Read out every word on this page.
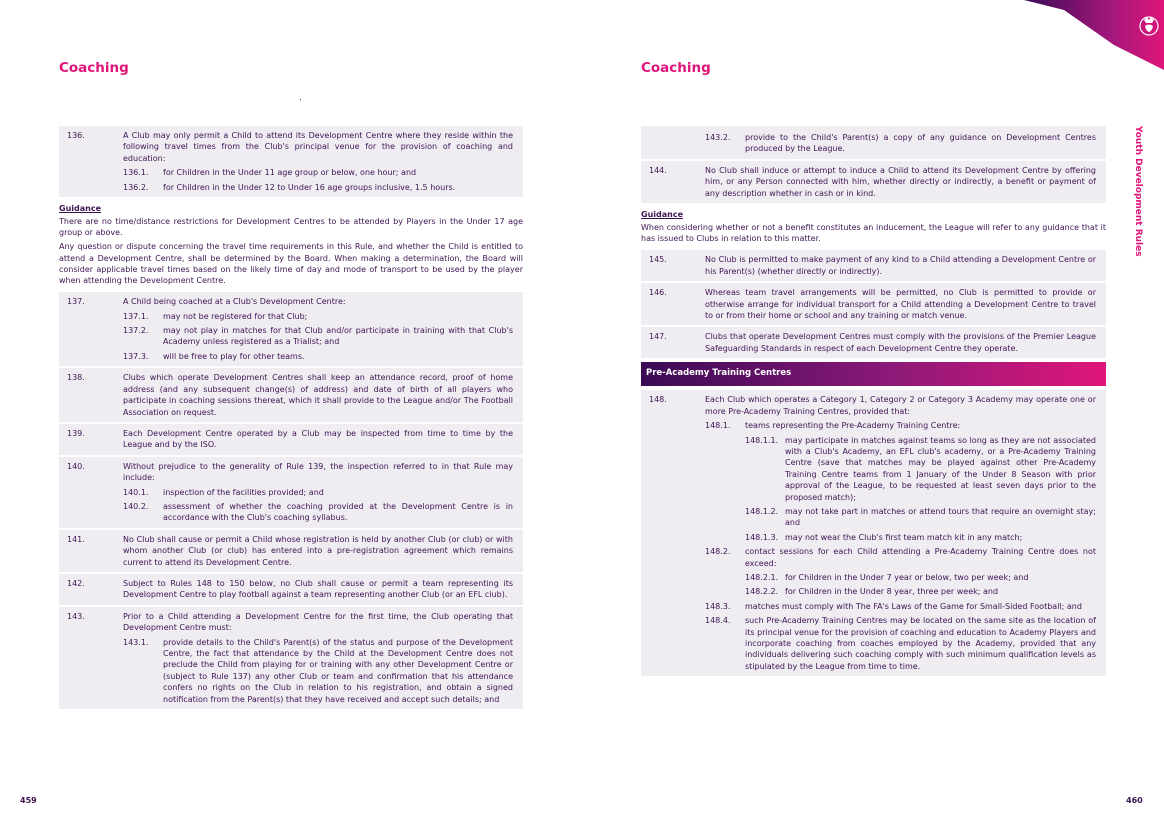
Coaching
136.	A Club may only permit a Child to attend its Development Centre where they reside within the following travel times from the Club's principal venue for the provision of coaching and education:
136.1.	for Children in the Under 11 age group or below, one hour; and
136.2.	for Children in the Under 12 to Under 16 age groups inclusive, 1.5 hours.
Guidance
There are no time/distance restrictions for Development Centres to be attended by Players in the Under 17 age group or above.
Any question or dispute concerning the travel time requirements in this Rule, and whether the Child is entitled to attend a Development Centre, shall be determined by the Board. When making a determination, the Board will consider applicable travel times based on the likely time of day and mode of transport to be used by the player when attending the Development Centre.
137.	A Child being coached at a Club's Development Centre:
137.1.	may not be registered for that Club;
137.2.	may not play in matches for that Club and/or participate in training with that Club's Academy unless registered as a Trialist; and
137.3.	will be free to play for other teams.
138.	Clubs which operate Development Centres shall keep an attendance record, proof of home address (and any subsequent change(s) of address) and date of birth of all players who participate in coaching sessions thereat, which it shall provide to the League and/or The Football Association on request.
139.	Each Development Centre operated by a Club may be inspected from time to time by the League and by the ISO.
140.	Without prejudice to the generality of Rule 139, the inspection referred to in that Rule may include:
140.1.	inspection of the facilities provided; and
140.2.	assessment of whether the coaching provided at the Development Centre is in accordance with the Club's coaching syllabus.
141.	No Club shall cause or permit a Child whose registration is held by another Club (or club) or with whom another Club (or club) has entered into a pre-registration agreement which remains current to attend its Development Centre.
142.	Subject to Rules 148 to 150 below, no Club shall cause or permit a team representing its Development Centre to play football against a team representing another Club (or an EFL club).
143.	Prior to a Child attending a Development Centre for the first time, the Club operating that Development Centre must:
143.1.	provide details to the Child's Parent(s) of the status and purpose of the Development Centre, the fact that attendance by the Child at the Development Centre does not preclude the Child from playing for or training with any other Development Centre or (subject to Rule 137) any other Club or team and confirmation that his attendance confers no rights on the Club in relation to his registration, and obtain a signed notification from the Parent(s) that they have received and accept such details; and
459
Coaching
Youth Development Rules
143.2.	provide to the Child's Parent(s) a copy of any guidance on Development Centres produced by the League.
144.	No Club shall induce or attempt to induce a Child to attend its Development Centre by offering him, or any Person connected with him, whether directly or indirectly, a benefit or payment of any description whether in cash or in kind.
Guidance
When considering whether or not a benefit constitutes an inducement, the League will refer to any guidance that it has issued to Clubs in relation to this matter.
145.	No Club is permitted to make payment of any kind to a Child attending a Development Centre or his Parent(s) (whether directly or indirectly).
146.	Whereas team travel arrangements will be permitted, no Club is permitted to provide or otherwise arrange for individual transport for a Child attending a Development Centre to travel to or from their home or school and any training or match venue.
147.	Clubs that operate Development Centres must comply with the provisions of the Premier League Safeguarding Standards in respect of each Development Centre they operate.
Pre-Academy Training Centres
148.	Each Club which operates a Category 1, Category 2 or Category 3 Academy may operate one or more Pre-Academy Training Centres, provided that:
148.1.	teams representing the Pre-Academy Training Centre:
148.1.1. may participate in matches against teams so long as they are not associated with a Club's Academy, an EFL club's academy, or a Pre-Academy Training Centre (save that matches may be played against other Pre-Academy Training Centre teams from 1 January of the Under 8 Season with prior approval of the League, to be requested at least seven days prior to the proposed match);
148.1.2. may not take part in matches or attend tours that require an overnight stay; and
148.1.3. may not wear the Club's first team match kit in any match;
148.2.	contact sessions for each Child attending a Pre-Academy Training Centre does not exceed:
148.2.1. for Children in the Under 7 year or below, two per week; and
148.2.2. for Children in the Under 8 year, three per week; and
148.3.	matches must comply with The FA's Laws of the Game for Small-Sided Football; and
148.4.	such Pre-Academy Training Centres may be located on the same site as the location of its principal venue for the provision of coaching and education to Academy Players and incorporate coaching from coaches employed by the Academy, provided that any individuals delivering such coaching comply with such minimum qualification levels as stipulated by the League from time to time.
460
